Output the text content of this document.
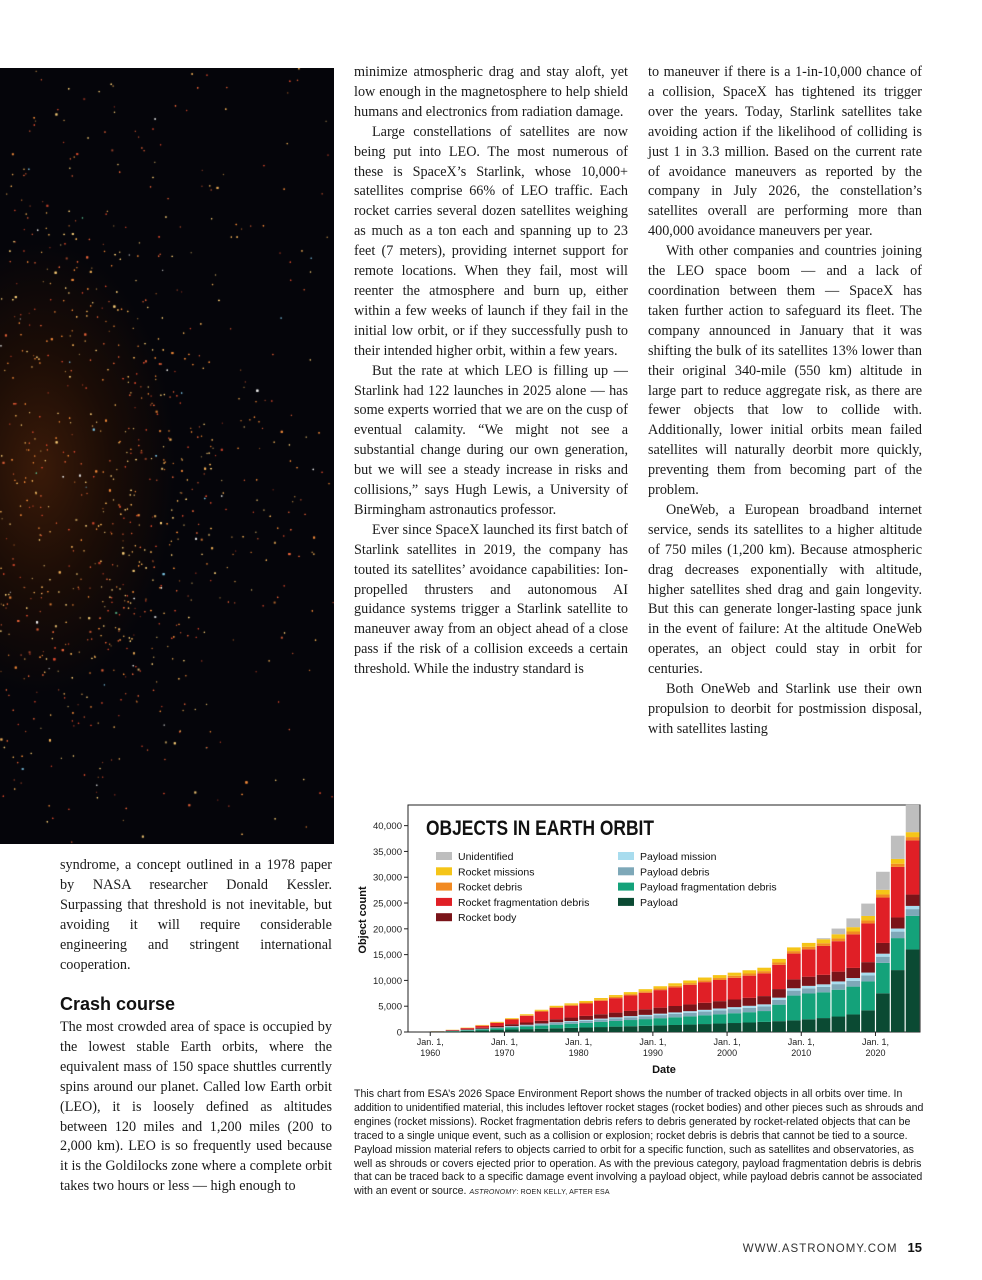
minimize atmospheric drag and stay aloft, yet low enough in the magnetosphere to help shield humans and electronics from radiation damage.

Large constellations of satellites are now being put into LEO. The most numerous of these is SpaceX’s Starlink, whose 10,000+ satellites comprise 66% of LEO traffic. Each rocket carries several dozen satellites weighing as much as a ton each and spanning up to 23 feet (7 meters), providing internet support for remote locations. When they fail, most will reenter the atmosphere and burn up, either within a few weeks of launch if they fail in the initial low orbit, or if they successfully push to their intended higher orbit, within a few years.

But the rate at which LEO is filling up — Starlink had 122 launches in 2025 alone — has some experts worried that we are on the cusp of eventual calamity. “We might not see a substantial change during our own generation, but we will see a steady increase in risks and collisions,” says Hugh Lewis, a University of Birmingham astronautics professor.

Ever since SpaceX launched its first batch of Starlink satellites in 2019, the company has touted its satellites’ avoidance capabilities: Ion-propelled thrusters and autonomous AI guidance systems trigger a Starlink satellite to maneuver away from an object ahead of a close pass if the risk of a collision exceeds a certain threshold. While the industry standard is

to maneuver if there is a 1-in-10,000 chance of a collision, SpaceX has tightened its trigger over the years. Today, Starlink satellites take avoiding action if the likelihood of colliding is just 1 in 3.3 million. Based on the current rate of avoidance maneuvers as reported by the company in July 2026, the constellation’s satellites overall are performing more than 400,000 avoidance maneuvers per year.

With other companies and countries joining the LEO space boom — and a lack of coordination between them — SpaceX has taken further action to safeguard its fleet. The company announced in January that it was shifting the bulk of its satellites 13% lower than their original 340-mile (550 km) altitude in large part to reduce aggregate risk, as there are fewer objects that low to collide with. Additionally, lower initial orbits mean failed satellites will naturally deorbit more quickly, preventing them from becoming part of the problem.

OneWeb, a European broadband internet service, sends its satellites to a higher altitude of 750 miles (1,200 km). Because atmospheric drag decreases exponentially with altitude, higher satellites shed drag and gain longevity. But this can generate longer-lasting space junk in the event of failure: At the altitude OneWeb operates, an object could stay in orbit for centuries.

Both OneWeb and Starlink use their own propulsion to deorbit for postmission disposal, with satellites lasting

syndrome, a concept outlined in a 1978 paper by NASA researcher Donald Kessler. Surpassing that threshold is not inevitable, but avoiding it will require considerable engineering and stringent international cooperation.

Crash course

The most crowded area of space is occupied by the lowest stable Earth orbits, where the equivalent mass of 150 space shuttles currently spins around our planet. Called low Earth orbit (LEO), it is loosely defined as altitudes between 120 miles and 1,200 miles (200 to 2,000 km). LEO is so frequently used because it is the Goldilocks zone where a complete orbit takes two hours or less — high enough to

OBJECTS IN EARTH ORBIT
0
5,000
10,000
15,000
20,000
25,000
30,000
35,000
40,000
Jan. 1,
1960
Jan. 1,
1970
Jan. 1,
1980
Jan. 1,
1990
Jan. 1,
2000
Jan. 1,
2010
Jan. 1,
2020
Unidentified
Rocket missions
Rocket debris
Rocket fragmentation debris
Rocket body
Payload mission
Payload debris
Payload fragmentation debris
Payload
Object count
Date
This chart from ESA’s 2026 Space Environment Report shows the number of tracked objects in all orbits over time. In addition to unidentified material, this includes leftover rocket stages (rocket bodies) and other pieces such as shrouds and engines (rocket missions). Rocket fragmentation debris refers to debris generated by rocket-related objects that can be traced to a single unique event, such as a collision or explosion; rocket debris is debris that cannot be tied to a source. Payload mission material refers to objects carried to orbit for a specific function, such as satellites and observatories, as well as shrouds or covers ejected prior to operation. As with the previous category, payload fragmentation debris is debris that can be traced back to a specific damage event involving a payload object, while payload debris cannot be associated with an event or source. ASTRONOMY: ROEN KELLY, AFTER ESA
WWW.ASTRONOMY.COM 15
